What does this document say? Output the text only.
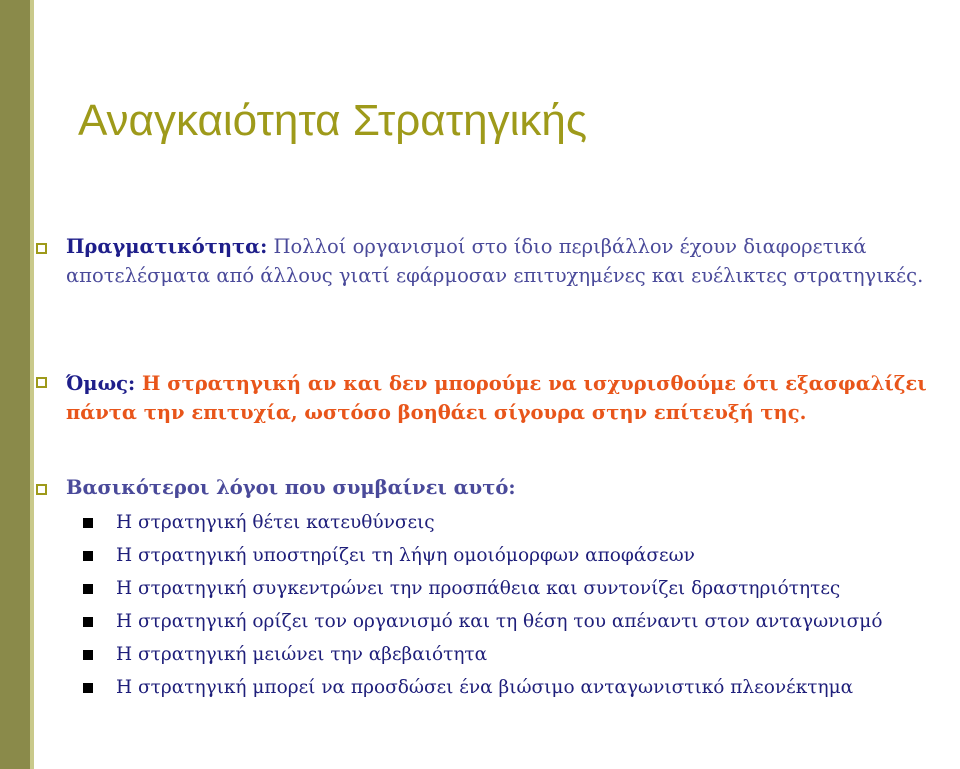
Αναγκαιότητα Στρατηγικής
Πραγματικότητα: Πολλοί οργανισμοί στο ίδιο περιβάλλον έχουν διαφορετικά αποτελέσματα από άλλους γιατί εφάρμοσαν επιτυχημένες και ευέλικτες στρατηγικές.
Όμως: Η στρατηγική αν και δεν μπορούμε να ισχυρισθούμε ότι εξασφαλίζει πάντα την επιτυχία, ωστόσο βοηθάει σίγουρα στην επίτευξή της.
Βασικότεροι λόγοι που συμβαίνει αυτό:
Η στρατηγική θέτει κατευθύνσεις
Η στρατηγική υποστηρίζει τη λήψη ομοιόμορφων αποφάσεων
Η στρατηγική συγκεντρώνει την προσπάθεια και συντονίζει δραστηριότητες
Η στρατηγική ορίζει τον οργανισμό και τη θέση του απέναντι στον ανταγωνισμό
Η στρατηγική μειώνει την αβεβαιότητα
Η στρατηγική μπορεί να προσδώσει ένα βιώσιμο ανταγωνιστικό πλεονέκτημα
